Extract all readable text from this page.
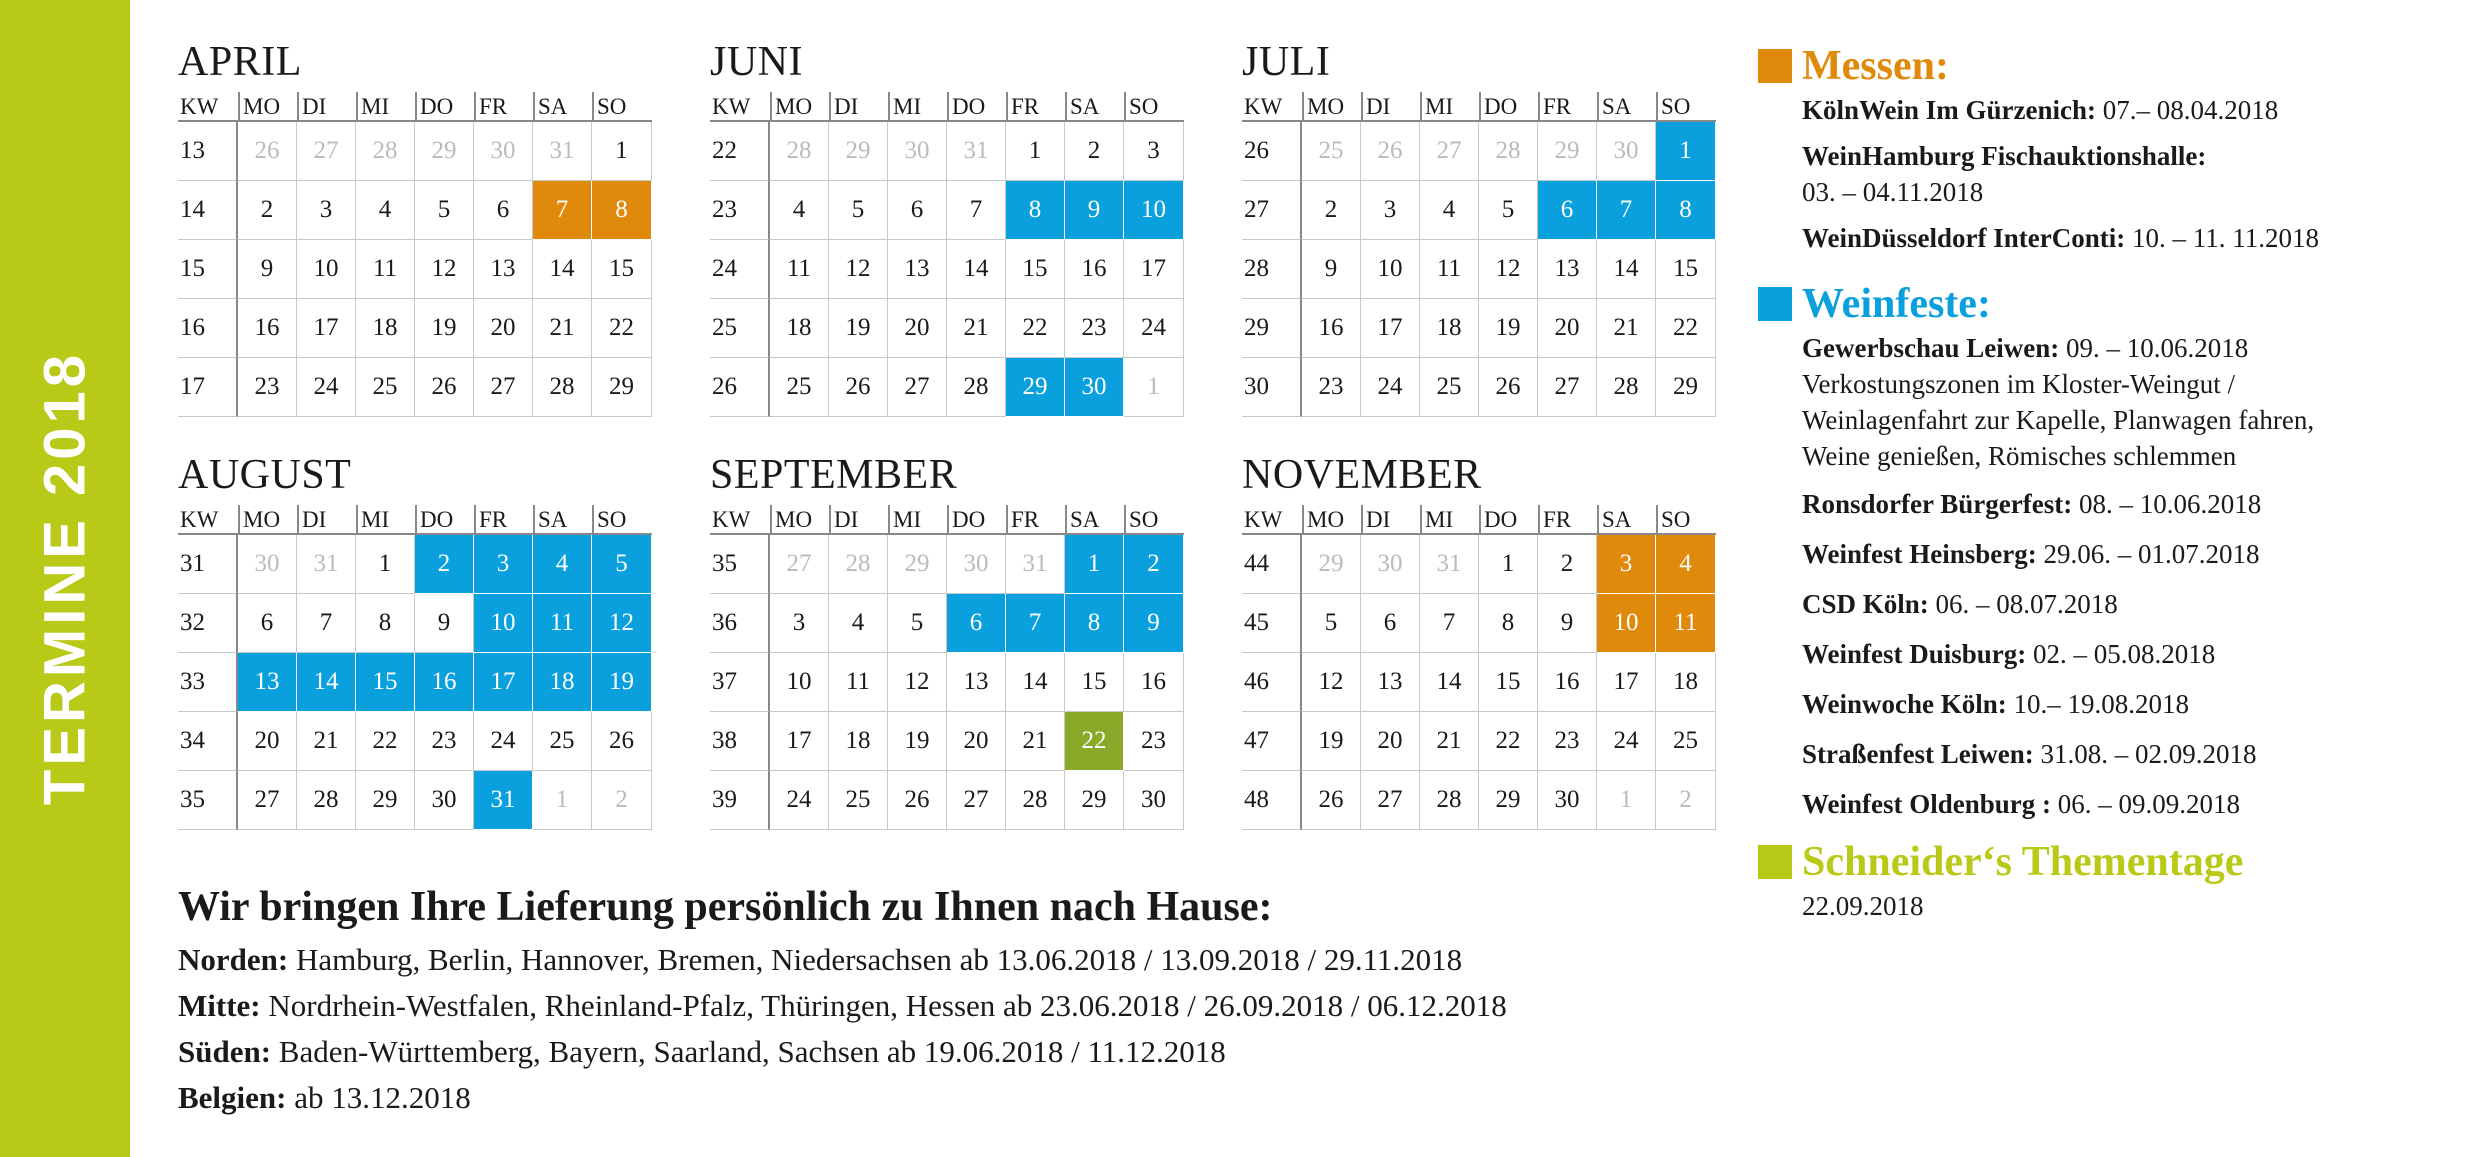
TERMINE 2018
APRIL
KW	MO DI	MI	DO	FR	SA	SO
13	26	27	28	29	30	31	1
14	2	3	4	5	6	7	8
15	9	10	11	12	13	14	15
16	16	17	18	19	20	21	22
17	23	24	25	26	27	28	29
JUNI
KW	MO DI	MI	DO	FR	SA	SO
22	28	29	30	31	1	2	3
23	4	5	6	7	8	9	10
24	11	12	13	14	15	16	17
25	18	19	20	21	22	23	24
26	25	26	27	28	29	30	1
JULI
KW	MO DI	MI	DO	FR	SA	SO
26	25	26	27	28	29	30	1
27	2	3	4	5	6	7	8
28	9	10	11	12	13	14	15
29	16	17	18	19	20	21	22
30	23	24	25	26	27	28	29
AUGUST
KW	MO DI	MI	DO	FR	SA	SO
31	30	31	1	2	3	4	5
32	6	7	8	9	10	11	12
33	13	14	15	16	17	18	19
34	20	21	22	23	24	25	26
35	27	28	29	30	31	1	2
SEPTEMBER
KW	MO DI	MI	DO	FR	SA	SO
35	27	28	29	30	31	1	2
36	3	4	5	6	7	8	9
37	10	11	12	13	14	15	16
38	17	18	19	20	21	22	23
39	24	25	26	27	28	29	30
NOVEMBER
KW	MO DI	MI	DO	FR	SA	SO
44	29	30	31	1	2	3	4
45	5	6	7	8	9	10	11
46	12	13	14	15	16	17	18
47	19	20	21	22	23	24	25
48	26	27	28	29	30	1	2
Wir bringen Ihre Lieferung persönlich zu Ihnen nach Hause:
Norden: Hamburg, Berlin, Hannover, Bremen, Niedersachsen ab 13.06.2018 / 13.09.2018 / 29.11.2018
Mitte: Nordrhein-Westfalen, Rheinland-Pfalz, Thüringen, Hessen ab 23.06.2018 / 26.09.2018 / 06.12.2018
Süden: Baden-Württemberg, Bayern, Saarland, Sachsen ab 19.06.2018 / 11.12.2018
Belgien: ab 13.12.2018
Messen:
KölnWein Im Gürzenich: 07.– 08.04.2018
WeinHamburg Fischauktionshalle:
03. – 04.11.2018
WeinDüsseldorf InterConti: 10. – 11. 11.2018
Weinfeste:
Gewerbschau Leiwen: 09. – 10.06.2018
Verkostungszonen im Kloster-Weingut /
Weinlagenfahrt zur Kapelle, Planwagen fahren,
Weine genießen, Römisches schlemmen
Ronsdorfer Bürgerfest: 08. – 10.06.2018
Weinfest Heinsberg: 29.06. – 01.07.2018
CSD Köln: 06. – 08.07.2018
Weinfest Duisburg: 02. – 05.08.2018
Weinwoche Köln: 10.– 19.08.2018
Straßenfest Leiwen: 31.08. – 02.09.2018
Weinfest Oldenburg : 06. – 09.09.2018
Schneider‘s Thementage
22.09.2018
